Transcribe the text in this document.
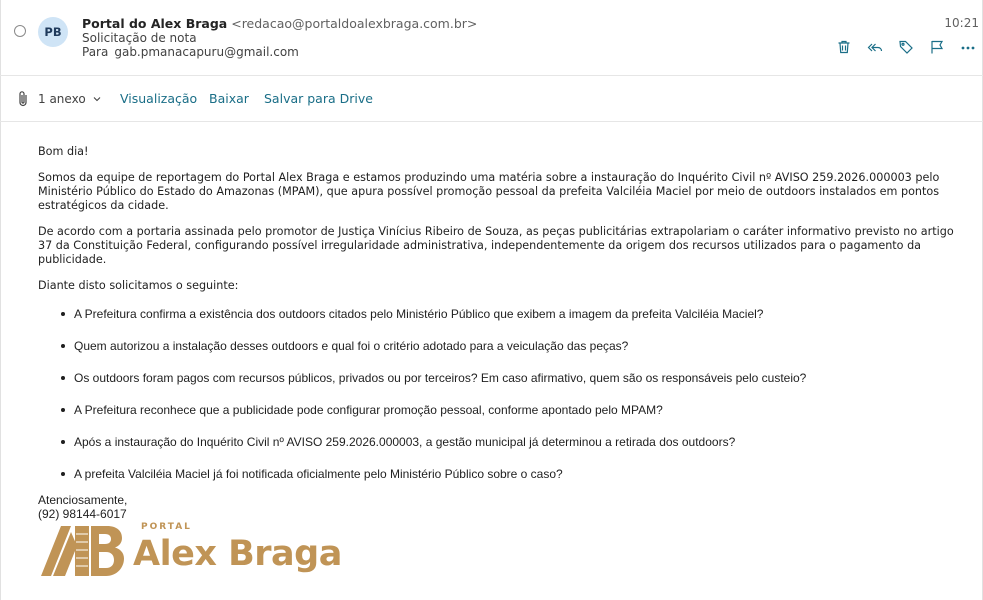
PB
Portal do Alex Braga <redacao@portaldoalexbraga.com.br>
Solicitação de nota
Para gab.pmanacapuru@gmail.com
10:21
1 anexo	Visualização Baixar Salvar para Drive

Bom dia!

Somos da equipe de reportagem do Portal Alex Braga e estamos produzindo uma matéria sobre a instauração do Inquérito Civil nº AVISO 259.2026.000003 pelo Ministério Público do Estado do Amazonas (MPAM), que apura possível promoção pessoal da prefeita Valciléia Maciel por meio de outdoors instalados em pontos estratégicos da cidade.

De acordo com a portaria assinada pelo promotor de Justiça Vinícius Ribeiro de Souza, as peças publicitárias extrapolariam o caráter informativo previsto no artigo 37 da Constituição Federal, configurando possível irregularidade administrativa, independentemente da origem dos recursos utilizados para o pagamento da publicidade.

Diante disto solicitamos o seguinte:

A Prefeitura confirma a existência dos outdoors citados pelo Ministério Público que exibem a imagem da prefeita Valciléia Maciel?
Quem autorizou a instalação desses outdoors e qual foi o critério adotado para a veiculação das peças?
Os outdoors foram pagos com recursos públicos, privados ou por terceiros? Em caso afirmativo, quem são os responsáveis pelo custeio?
A Prefeitura reconhece que a publicidade pode configurar promoção pessoal, conforme apontado pelo MPAM?
Após a instauração do Inquérito Civil nº AVISO 259.2026.000003, a gestão municipal já determinou a retirada dos outdoors?
A prefeita Valciléia Maciel já foi notificada oficialmente pelo Ministério Público sobre o caso?
Atenciosamente,
(92) 98144-6017
PORTAL
Alex Braga
